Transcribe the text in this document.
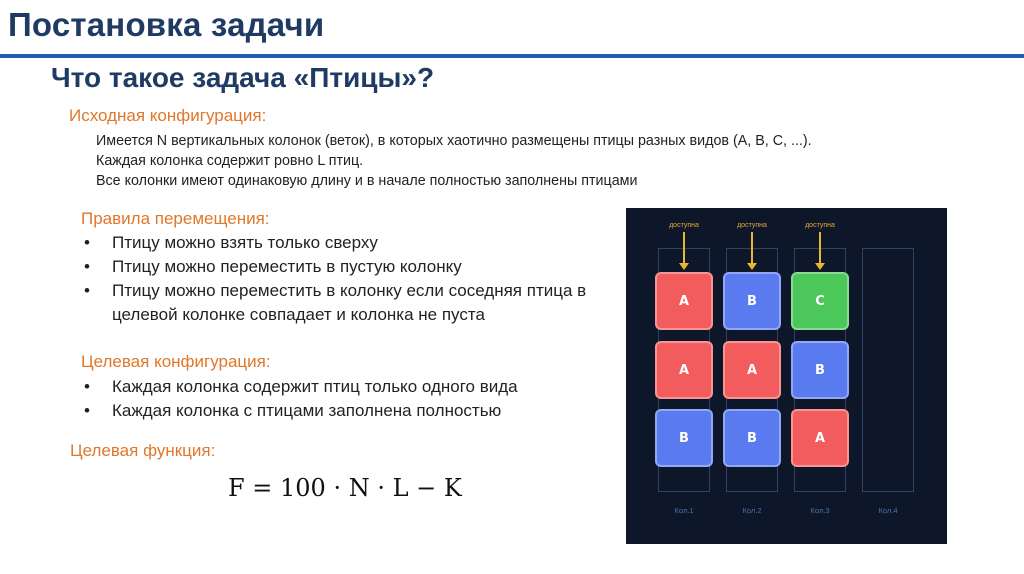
Постановка задачи
Что такое задача «Птицы»?
Исходная конфигурация:
Имеется N вертикальных колонок (веток), в которых хаотично размещены птицы разных видов (A, B, C, ...).
Каждая колонка содержит ровно L птиц.
Все колонки имеют одинаковую длину и в начале полностью заполнены птицами
Правила перемещения:
• Птицу можно взять только сверху
• Птицу можно переместить в пустую колонку
• Птицу можно переместить в колонку если соседняя птица в целевой колонке совпадает и колонка не пуста
Целевая конфигурация:
• Каждая колонка содержит птиц только одного вида
• Каждая колонка с птицами заполнена полностью
Целевая функция:
F = 100 · N · L − K
доступна
A
A
B
Кол.1
доступна
B
A
B
Кол.2
доступна
C
B
A
Кол.3	Кол.4
